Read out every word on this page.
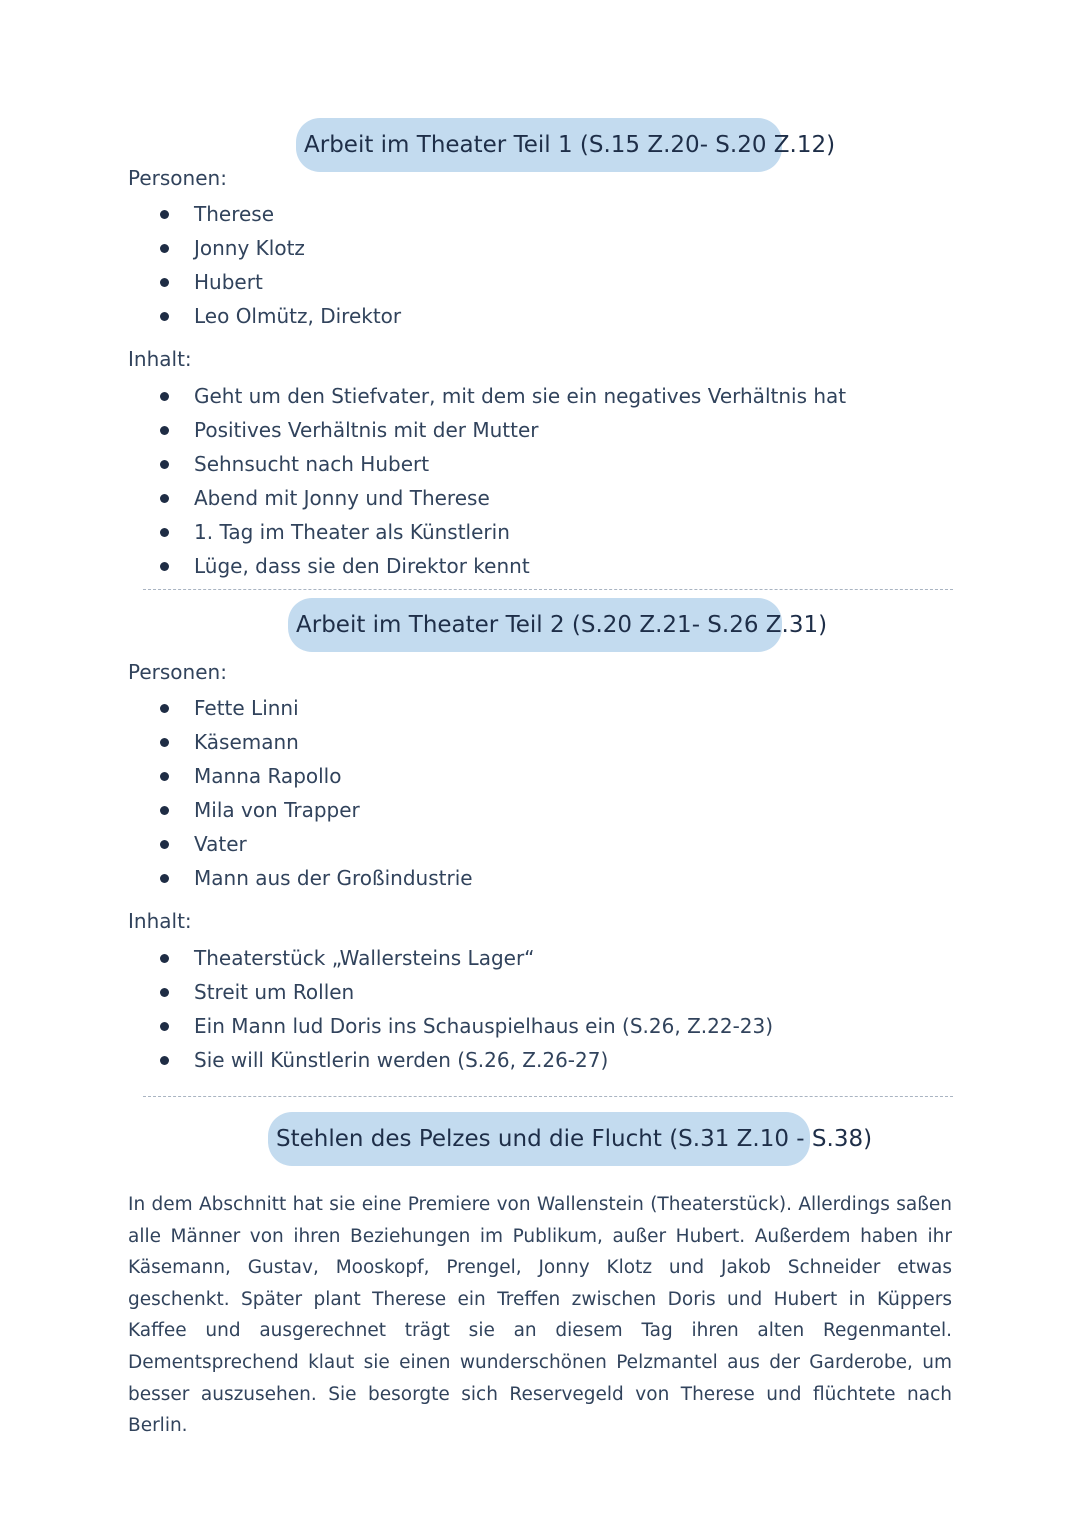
Arbeit im Theater Teil 1 (S.15 Z.20- S.20 Z.12)
Personen:
Therese
Jonny Klotz
Hubert
Leo Olmütz, Direktor
Inhalt:
Geht um den Stiefvater, mit dem sie ein negatives Verhältnis hat
Positives Verhältnis mit der Mutter
Sehnsucht nach Hubert
Abend mit Jonny und Therese
1. Tag im Theater als Künstlerin
Lüge, dass sie den Direktor kennt
Arbeit im Theater Teil 2 (S.20 Z.21- S.26 Z.31)
Personen:
Fette Linni
Käsemann
Manna Rapollo
Mila von Trapper
Vater
Mann aus der Großindustrie
Inhalt:
Theaterstück „Wallersteins Lager“
Streit um Rollen
Ein Mann lud Doris ins Schauspielhaus ein (S.26, Z.22-23)
Sie will Künstlerin werden (S.26, Z.26-27)
Stehlen des Pelzes und die Flucht (S.31 Z.10 - S.38)

In dem Abschnitt hat sie eine Premiere von Wallenstein (Theaterstück). Allerdings saßen alle Männer von ihren Beziehungen im Publikum, außer Hubert. Außerdem haben ihr Käsemann, Gustav, Mooskopf, Prengel, Jonny Klotz und Jakob Schneider etwas geschenkt. Später plant Therese ein Treffen zwischen Doris und Hubert in Küppers Kaffee und ausgerechnet trägt sie an diesem Tag ihren alten Regenmantel. Dementsprechend klaut sie einen wunderschönen Pelzmantel aus der Garderobe, um besser auszusehen. Sie besorgte sich Reservegeld von Therese und flüchtete nach Berlin.
